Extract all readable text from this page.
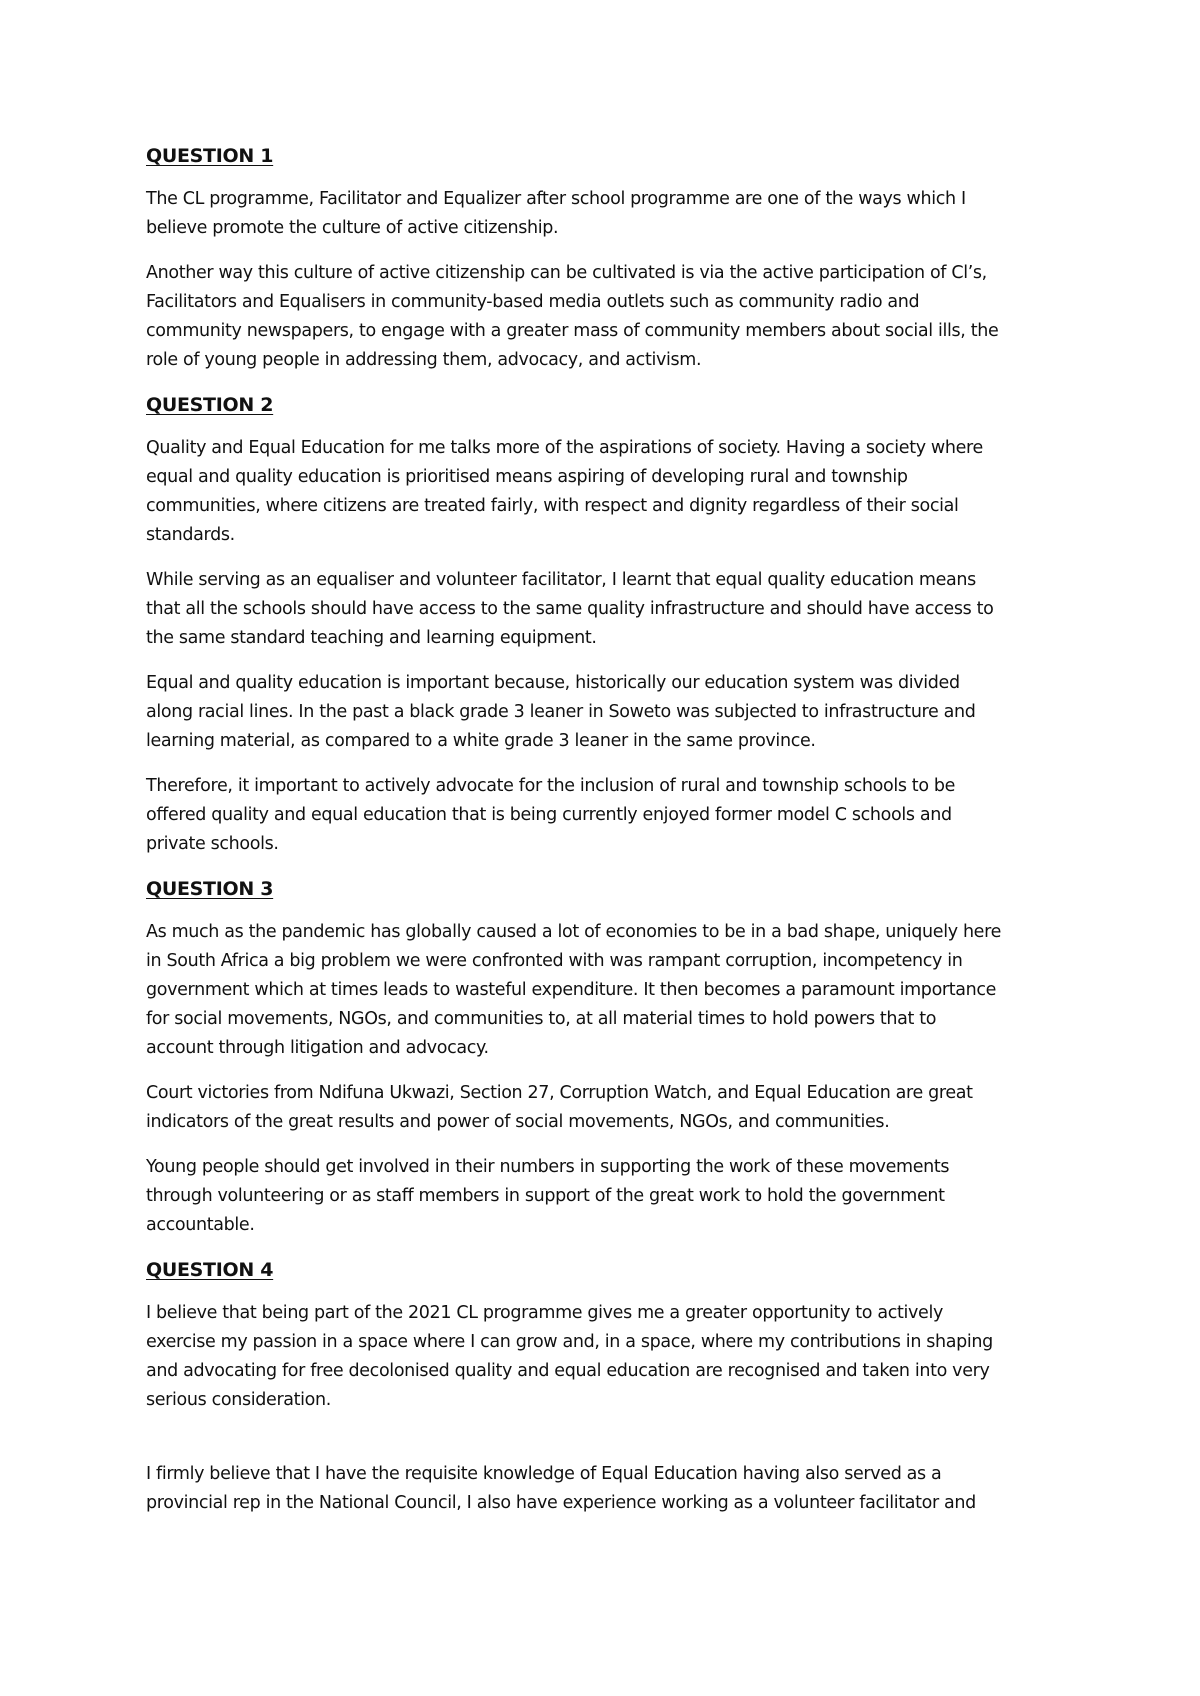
QUESTION 1

The CL programme, Facilitator and Equalizer after school programme are one of the ways which I
believe promote the culture of active citizenship.

Another way this culture of active citizenship can be cultivated is via the active participation of Cl’s,
Facilitators and Equalisers in community-based media outlets such as community radio and
community newspapers, to engage with a greater mass of community members about social ills, the
role of young people in addressing them, advocacy, and activism.

QUESTION 2

Quality and Equal Education for me talks more of the aspirations of society. Having a society where
equal and quality education is prioritised means aspiring of developing rural and township
communities, where citizens are treated fairly, with respect and dignity regardless of their social
standards.

While serving as an equaliser and volunteer facilitator, I learnt that equal quality education means
that all the schools should have access to the same quality infrastructure and should have access to
the same standard teaching and learning equipment.

Equal and quality education is important because, historically our education system was divided
along racial lines. In the past a black grade 3 leaner in Soweto was subjected to infrastructure and
learning material, as compared to a white grade 3 leaner in the same province.

Therefore, it important to actively advocate for the inclusion of rural and township schools to be
offered quality and equal education that is being currently enjoyed former model C schools and
private schools.

QUESTION 3

As much as the pandemic has globally caused a lot of economies to be in a bad shape, uniquely here
in South Africa a big problem we were confronted with was rampant corruption, incompetency in
government which at times leads to wasteful expenditure. It then becomes a paramount importance
for social movements, NGOs, and communities to, at all material times to hold powers that to
account through litigation and advocacy.

Court victories from Ndifuna Ukwazi, Section 27, Corruption Watch, and Equal Education are great
indicators of the great results and power of social movements, NGOs, and communities.

Young people should get involved in their numbers in supporting the work of these movements
through volunteering or as staff members in support of the great work to hold the government
accountable.

QUESTION 4

I believe that being part of the 2021 CL programme gives me a greater opportunity to actively
exercise my passion in a space where I can grow and, in a space, where my contributions in shaping
and advocating for free decolonised quality and equal education are recognised and taken into very
serious consideration.

I firmly believe that I have the requisite knowledge of Equal Education having also served as a
provincial rep in the National Council, I also have experience working as a volunteer facilitator and
